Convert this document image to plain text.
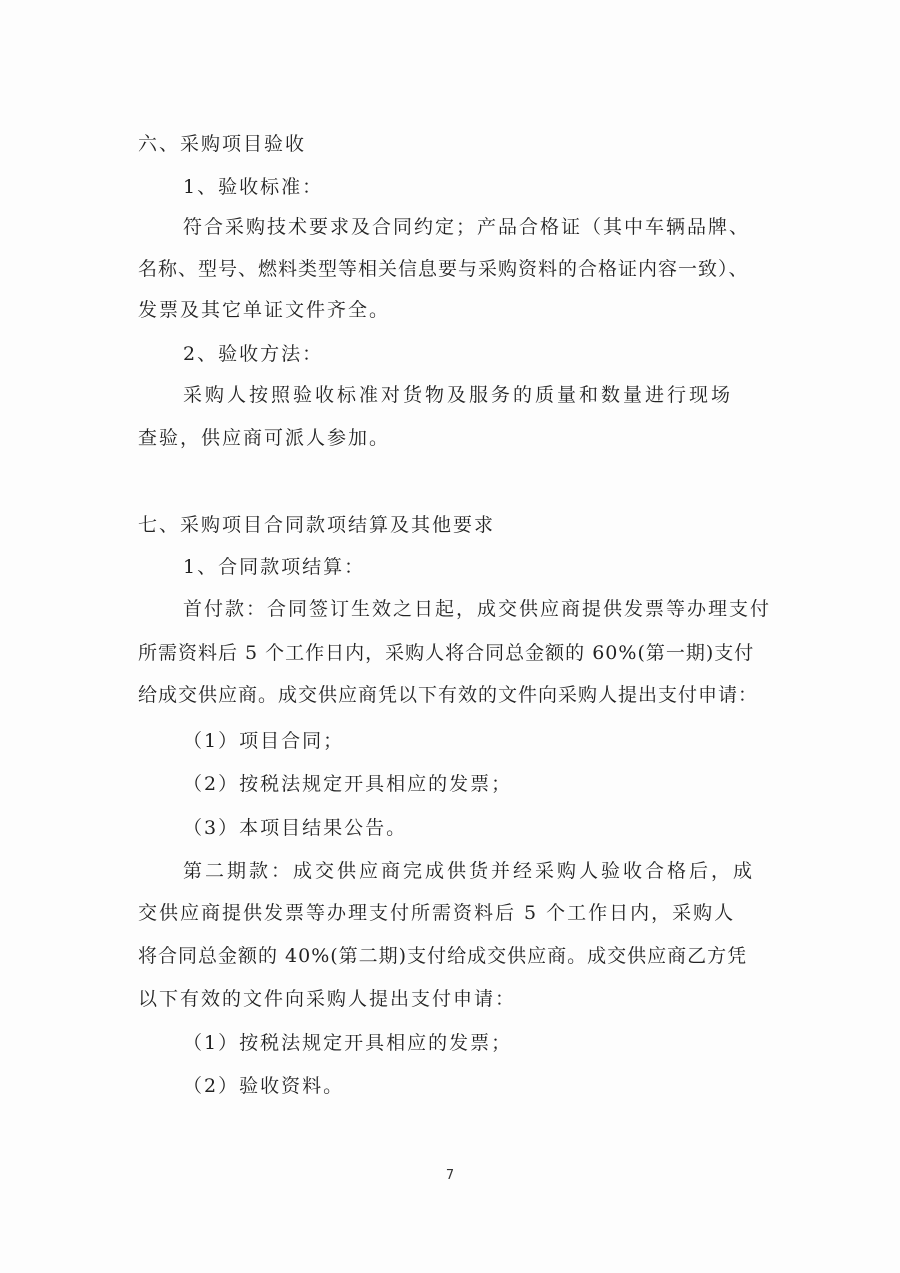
六、采购项目验收
1、验收标准：
符合采购技术要求及合同约定；产品合格证（其中车辆品牌、
名称、型号、燃料类型等相关信息要与采购资料的合格证内容一致）、
发票及其它单证文件齐全。
2、验收方法：
采购人按照验收标准对货物及服务的质量和数量进行现场
查验，供应商可派人参加。
七、采购项目合同款项结算及其他要求
1、合同款项结算：
首付款：合同签订生效之日起，成交供应商提供发票等办理支付
所需资料后 5 个工作日内，采购人将合同总金额的 60%(第一期)支付
给成交供应商。成交供应商凭以下有效的文件向采购人提出支付申请：
（1）项目合同；
（2）按税法规定开具相应的发票；
（3）本项目结果公告。
第二期款：成交供应商完成供货并经采购人验收合格后，成
交供应商提供发票等办理支付所需资料后 5 个工作日内，采购人
将合同总金额的 40%(第二期)支付给成交供应商。成交供应商乙方凭
以下有效的文件向采购人提出支付申请：
（1）按税法规定开具相应的发票；
（2）验收资料。
7
